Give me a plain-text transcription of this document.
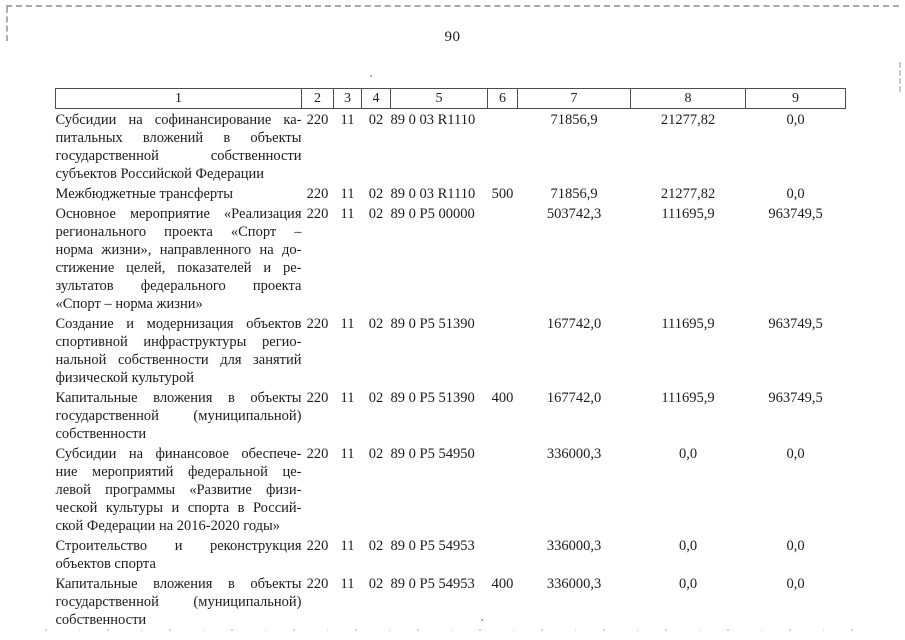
90
1	2	3	4	5	6	7	8	9

Субсидии на софинансирование ка-
питальных вложений в объекты
государственной собственности
субъектов Российской Федерации	220	11	02	89 0 03 R1110		71856,9	21277,82	0,0

Межбюджетные трансферты	220	11	02	89 0 03 R1110	500	71856,9	21277,82	0,0

Основное мероприятие «Реализация
регионального проекта «Спорт –
норма жизни», направленного на до-
стижение целей, показателей и ре-
зультатов федерального проекта
«Спорт – норма жизни»
	220	11	02	89 0 P5 00000		503742,3	111695,9	963749,5

Создание и модернизация объектов
спортивной инфраструктуры регио-
нальной собственности для занятий
физической культурой	220	11	02	89 0 P5 51390		167742,0	111695,9	963749,5

Капитальные вложения в объекты
государственной (муниципальной)
собственности	220	11	02	89 0 P5 51390	400	167742,0	111695,9	963749,5

Субсидии на финансовое обеспече-
ние мероприятий федеральной це-
левой программы «Развитие физи-
ческой культуры и спорта в Россий-
ской Федерации на 2016-2020 годы»	220	11	02	89 0 P5 54950		336000,3	0,0	0,0

Строительство и реконструкция
объектов спорта	220	11	02	89 0 P5 54953		336000,3	0,0	0,0

Капитальные вложения в объекты
государственной (муниципальной)
собственности	220	11	02	89 0 P5 54953	400	336000,3	0,0	0,0
